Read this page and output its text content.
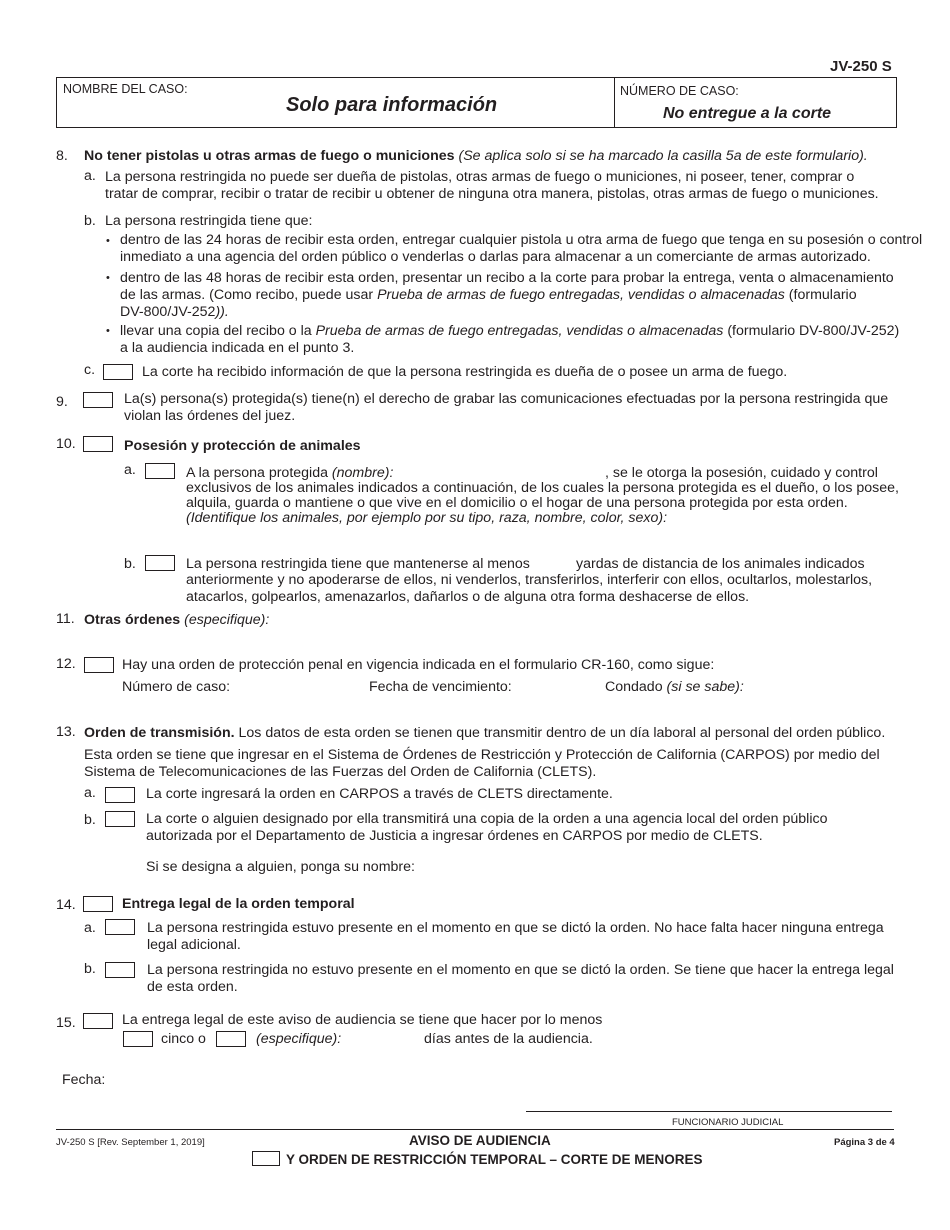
JV-250 S
NOMBRE DEL CASO:
Solo para información
NÚMERO DE CASO:
No entregue a la corte
8. No tener pistolas u otras armas de fuego o municiones (Se aplica solo si se ha marcado la casilla 5a de este formulario).
a. La persona restringida no puede ser dueña de pistolas, otras armas de fuego o municiones, ni poseer, tener, comprar o
tratar de comprar, recibir o tratar de recibir u obtener de ninguna otra manera, pistolas, otras armas de fuego o municiones.
b. La persona restringida tiene que:
• dentro de las 24 horas de recibir esta orden, entregar cualquier pistola u otra arma de fuego que tenga en su posesión o control
inmediato a una agencia del orden público o venderlas o darlas para almacenar a un comerciante de armas autorizado.
• dentro de las 48 horas de recibir esta orden, presentar un recibo a la corte para probar la entrega, venta o almacenamiento
de las armas. (Como recibo, puede usar Prueba de armas de fuego entregadas, vendidas o almacenadas (formulario
DV-800/JV-252)).
• llevar una copia del recibo o la Prueba de armas de fuego entregadas, vendidas o almacenadas (formulario DV-800/JV-252)
a la audiencia indicada en el punto 3.
c.	La corte ha recibido información de que la persona restringida es dueña de o posee un arma de fuego.
9.	La(s) persona(s) protegida(s) tiene(n) el derecho de grabar las comunicaciones efectuadas por la persona restringida que
violan las órdenes del juez.
10.	Posesión y protección de animales
a.	A la persona protegida (nombre):	, se le otorga la posesión, cuidado y control
exclusivos de los animales indicados a continuación, de los cuales la persona protegida es el dueño, o los posee,
alquila, guarda o mantiene o que vive en el domicilio o el hogar de una persona protegida por esta orden.
(Identifique los animales, por ejemplo por su tipo, raza, nombre, color, sexo):
b.	La persona restringida tiene que mantenerse al menos	yardas de distancia de los animales indicados
anteriormente y no apoderarse de ellos, ni venderlos, transferirlos, interferir con ellos, ocultarlos, molestarlos,
atacarlos, golpearlos, amenazarlos, dañarlos o de alguna otra forma deshacerse de ellos.
11. Otras órdenes (especifique):
12.	Hay una orden de protección penal en vigencia indicada en el formulario CR-160, como sigue:
Número de caso:	Fecha de vencimiento:	Condado (si se sabe):
13. Orden de transmisión. Los datos de esta orden se tienen que transmitir dentro de un día laboral al personal del orden público.
Esta orden se tiene que ingresar en el Sistema de Órdenes de Restricción y Protección de California (CARPOS) por medio del
Sistema de Telecomunicaciones de las Fuerzas del Orden de California (CLETS).
a.	La corte ingresará la orden en CARPOS a través de CLETS directamente.
b.	La corte o alguien designado por ella transmitirá una copia de la orden a una agencia local del orden público
autorizada por el Departamento de Justicia a ingresar órdenes en CARPOS por medio de CLETS.
Si se designa a alguien, ponga su nombre:
14.	Entrega legal de la orden temporal
a.	La persona restringida estuvo presente en el momento en que se dictó la orden. No hace falta hacer ninguna entrega
legal adicional.
b.	La persona restringida no estuvo presente en el momento en que se dictó la orden. Se tiene que hacer la entrega legal
de esta orden.
15.	La entrega legal de este aviso de audiencia se tiene que hacer por lo menos
cinco o	(especifique):	días antes de la audiencia.
Fecha:
FUNCIONARIO JUDICIAL
JV-250 S [Rev. September 1, 2019]	AVISO DE AUDIENCIA
Y ORDEN DE RESTRICCIÓN TEMPORAL – CORTE DE MENORES
Página 3 de 4
